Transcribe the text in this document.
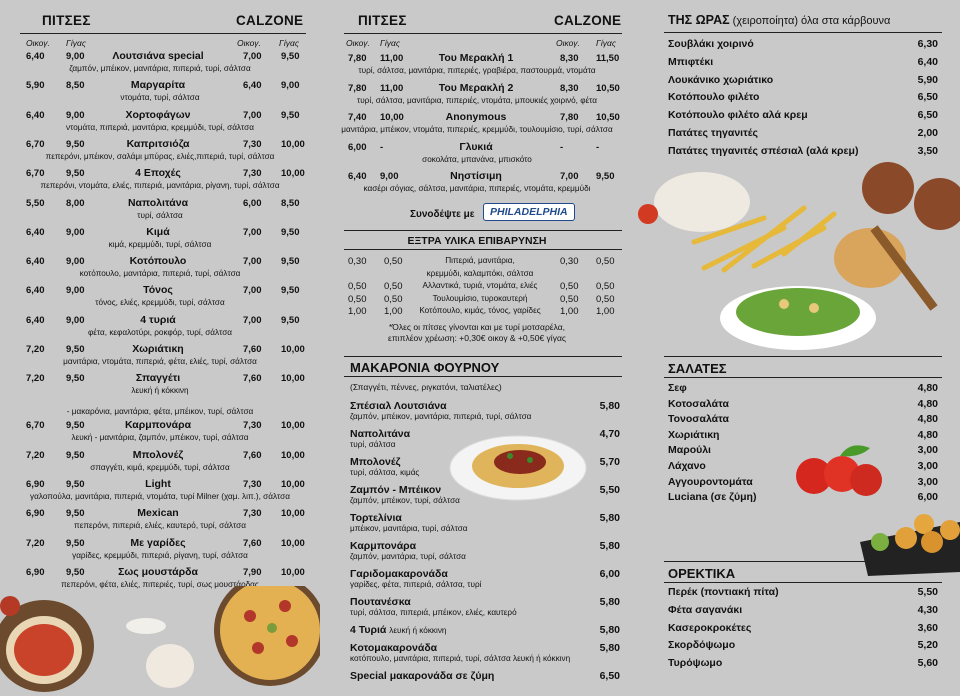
ΠΙΤΣΕΣ	CALZONE
Οικογ. Γίγας	Οικογ. Γίγας
6,40 9,00	Λουτσιάνα special	7,00 9,50
ζαμπόν, μπέικον, μανιτάρια, πιπεριά, τυρί, σάλτσα
5,90 8,50	Μαργαρίτα	6,40 9,00
ντομάτα, τυρί, σάλτσα
6,40 9,00	Χορτοφάγων	7,00 9,50
ντομάτα, πιπεριά, μανιτάρια, κρεμμύδι, τυρί, σάλτσα
6,70 9,50	Καπριτσιόζα	7,30 10,00
πεπερόνι, μπέικον, σαλάμι μπύρας, ελιές,πιπεριά, τυρί, σάλτσα
6,70 9,50	4 Εποχές	7,30 10,00
πεπερόνι, ντομάτα, ελιές, πιπεριά, μανιτάρια, ρίγανη, τυρί, σάλτσα
5,50 8,00	Ναπολιτάνα	6,00 8,50
τυρί, σάλτσα
6,40 9,00	Κιμά	7,00 9,50
κιμά, κρεμμύδι, τυρί, σάλτσα
6,40 9,00	Κοτόπουλο	7,00 9,50
κοτόπουλο, μανιτάρια, πιπεριά, τυρί, σάλτσα
6,40 9,00	Τόνος	7,00 9,50
τόνος, ελιές, κρεμμύδι, τυρί, σάλτσα
6,40 9,00	4 τυριά	7,00 9,50
φέτα, κεφαλοτύρι, ροκφόρ, τυρί, σάλτσα
7,20 9,50	Χωριάτικη	7,60 10,00
μανιτάρια, ντομάτα, πιπεριά, φέτα, ελιές, τυρί, σάλτσα
7,20 9,50	Σπαγγέτι	7,60 10,00
λευκή ή κόκκινη
- μακαρόνια, μανιτάρια, φέτα, μπέικον, τυρί, σάλτσα
6,70 9,50	Καρμπονάρα	7,30 10,00
λευκή - μανιτάρια, ζαμπόν, μπέικον, τυρί, σάλτσα
7,20 9,50	Μπολονέζ	7,60 10,00
σπαγγέτι, κιμά, κρεμμύδι, τυρί, σάλτσα
6,90 9,50	Light	7,30 10,00
γαλοπούλα, μανιτάρια, πιπεριά, ντομάτα, τυρί Milner (χαμ. λιπ.), σάλτσα
6,90 9,50	Mexican	7,30 10,00
πεπερόνι, πιπεριά, ελιές, καυτερό, τυρί, σάλτσα
7,20 9,50	Με γαρίδες	7,60 10,00
γαρίδες, κρεμμύδι, πιπεριά, ρίγανη, τυρί, σάλτσα
6,90 9,50	Σως μουστάρδα	7,90 10,00
πεπερόνι, φέτα, ελιές, πιπεριές, τυρί, σως μουστάρδας
ΠΙΤΣΕΣ	CALZONE
Οικογ. Γίγας	Οικογ. Γίγας
7,80 11,00	Του Μερακλή 1	8,30 11,50
τυρί, σάλτσα, μανιτάρια, πιπεριές, γραβιέρα, παστουρμά, ντομάτα
7,80 11,00	Του Μερακλή 2	8,30 10,50
τυρί, σάλτσα, μανιτάρια, πιπεριές, ντομάτα, μπουκιές χοιρινό, φέτα
7,40 10,00	Anonymous	7,80 10,50
μανιτάρια, μπέικον, ντομάτα, πιπεριές, κρεμμύδι, τουλουμίσιο, τυρί, σάλτσα
6,00 -	Γλυκιά	-	-
σοκολάτα, μπανάνα, μπισκότο
6,40 9,00	Νηστίσιμη	7,00 9,50
κασέρι σόγιας, σάλτσα, μανιτάρια, πιπεριές, ντομάτα, κρεμμύδι
Συνοδέψτε με	PHILADELPHIA
ΕΞΤΡΑ ΥΛΙΚΑ ΕΠΙΒΑΡΥΝΣΗ
0,30 0,50	Πιπεριά, μανιτάρια,	0,30 0,50
κρεμμύδι, καλαμπόκι, σάλτσα
0,50 0,50	Αλλαντικά, τυριά, ντομάτα, ελιές	0,50 0,50
0,50 0,50	Τουλουμίσιο, τυροκαυτερή	0,50 0,50
1,00 1,00	Κοτόπουλο, κιμάς, τόνος, γαρίδες	1,00 1,00
*Όλες οι πίτσες γίνονται και με τυρί μοτσαρέλα,
επιπλέον χρέωση: +0,30€ οικογ & +0,50€ γίγας
ΜΑΚΑΡΟΝΙΑ ΦΟΥΡΝΟΥ
(Σπαγγέτι, πέννες, ριγκατόνι, ταλιατέλες)
Σπέσιαλ Λουτσιάνα
ζαμπόν, μπέικον, μανιτάρια, πιπεριά, τυρί, σάλτσα
5,80
Ναπολιτάνα
τυρί, σάλτσα
4,70
Μπολονέζ
τυρί, σάλτσα, κιμάς
5,70
Ζαμπόν - Μπέικον
ζαμπόν, μπέικον, τυρί, σάλτσα
5,50
Τορτελίνια
μπέικον, μανιτάρια, τυρί, σάλτσα
5,80
Καρμπονάρα
ζαμπόν, μανιτάρια, τυρί, σάλτσα
5,80
Γαριδομακαρονάδα
γαρίδες, φέτα, πιπεριά, σάλτσα, τυρί
6,00
Πουτανέσκα
τυρί, σάλτσα, πιπεριά, μπέικον, ελιές, καυτερό
5,80
4 Τυριά λευκή ή κόκκινη	5,80
Κοτομακαρονάδα
κοτόπουλο, μανιτάρια, πιπεριά, τυρί, σάλτσα λευκή ή κόκκινη
5,80
Special μακαρονάδα σε ζύμη	6,50
ΤΗΣ ΩΡΑΣ (χειροποίητα) όλα στα κάρβουνα
Σουβλάκι χοιρινό	6,30
Μπιφτέκι	6,40
Λουκάνικο χωριάτικο	5,90
Κοτόπουλο φιλέτο	6,50
Κοτόπουλο φιλέτο αλά κρεμ	6,50
Πατάτες τηγανιτές	2,00
Πατάτες τηγανιτές σπέσιαλ (αλά κρεμ)	3,50
ΣΑΛΑΤΕΣ
Σεφ	4,80
Κοτοσαλάτα	4,80
Τονοσαλάτα	4,80
Χωριάτικη	4,80
Μαρούλι	3,00
Λάχανο	3,00
Αγγουροντομάτα	3,00
Luciana (σε ζύμη)	6,00
ΟΡΕΚΤΙΚΑ
Περέκ (ποντιακή πίτα)	5,50
Φέτα σαγανάκι	4,30
Κασεροκροκέτες	3,60
Σκορδόψωμο	5,20
Τυρόψωμο	5,60
